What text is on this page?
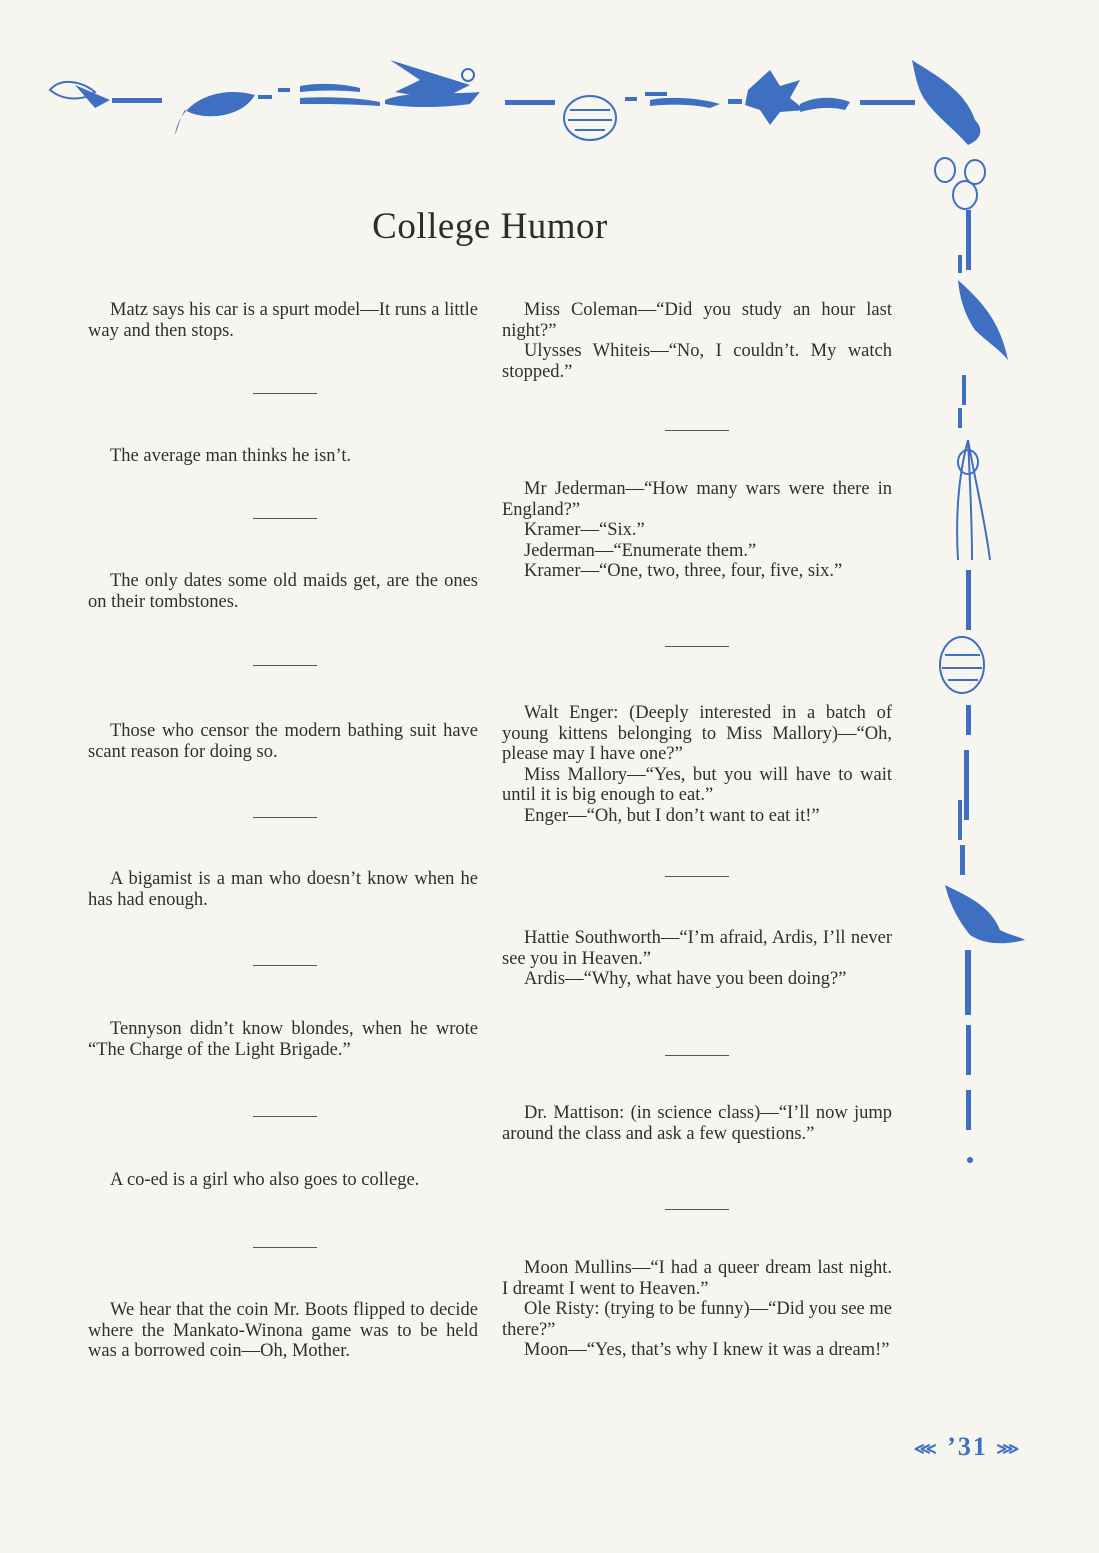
College Humor

Matz says his car is a spurt model—It runs a little way and then stops.

The average man thinks he isn’t.

The only dates some old maids get, are the ones on their tombstones.

Those who censor the modern bathing suit have scant reason for doing so.

A bigamist is a man who doesn’t know when he has had enough.

Tennyson didn’t know blondes, when he wrote “The Charge of the Light Brigade.”

A co-ed is a girl who also goes to college.

We hear that the coin Mr. Boots flipped to decide where the Mankato-Winona game was to be held was a borrowed coin—Oh, Mother.

Miss Coleman—“Did you study an hour last night?”

Ulysses Whiteis—“No, I couldn’t. My watch stopped.”

Mr Jederman—“How many wars were there in England?”

Kramer—“Six.”

Jederman—“Enumerate them.”

Kramer—“One, two, three, four, five, six.”

Walt Enger: (Deeply interested in a batch of young kittens belonging to Miss Mallory)—“Oh, please may I have one?”

Miss Mallory—“Yes, but you will have to wait until it is big enough to eat.”

Enger—“Oh, but I don’t want to eat it!”

Hattie Southworth—“I’m afraid, Ardis, I’ll never see you in Heaven.”

Ardis—“Why, what have you been doing?”

Dr. Mattison: (in science class)—“I’ll now jump around the class and ask a few questions.”

Moon Mullins—“I had a queer dream last night. I dreamt I went to Heaven.”

Ole Risty: (trying to be funny)—“Did you see me there?”

Moon—“Yes, that’s why I knew it was a dream!”

⋘ ’31 ⋙
